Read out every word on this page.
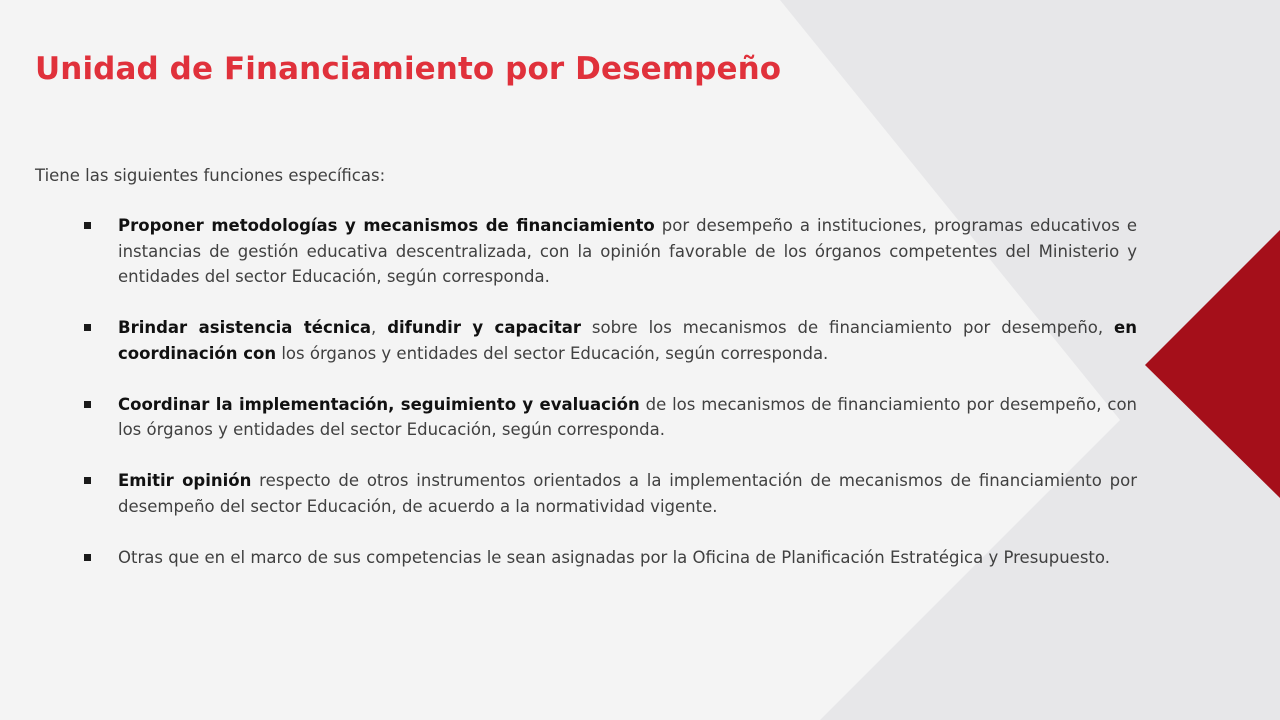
Unidad de Financiamiento por Desempeño

Tiene las siguientes funciones específicas:

Proponer metodologías y mecanismos de financiamiento por desempeño a instituciones, programas educativos e instancias de gestión educativa descentralizada, con la opinión favorable de los órganos competentes del Ministerio y entidades del sector Educación, según corresponda.
Brindar asistencia técnica, difundir y capacitar sobre los mecanismos de financiamiento por desempeño, en coordinación con los órganos y entidades del sector Educación, según corresponda.
Coordinar la implementación, seguimiento y evaluación de los mecanismos de financiamiento por desempeño, con los órganos y entidades del sector Educación, según corresponda.
Emitir opinión respecto de otros instrumentos orientados a la implementación de mecanismos de financiamiento por desempeño del sector Educación, de acuerdo a la normatividad vigente.
Otras que en el marco de sus competencias le sean asignadas por la Oficina de Planificación Estratégica y Presupuesto.
